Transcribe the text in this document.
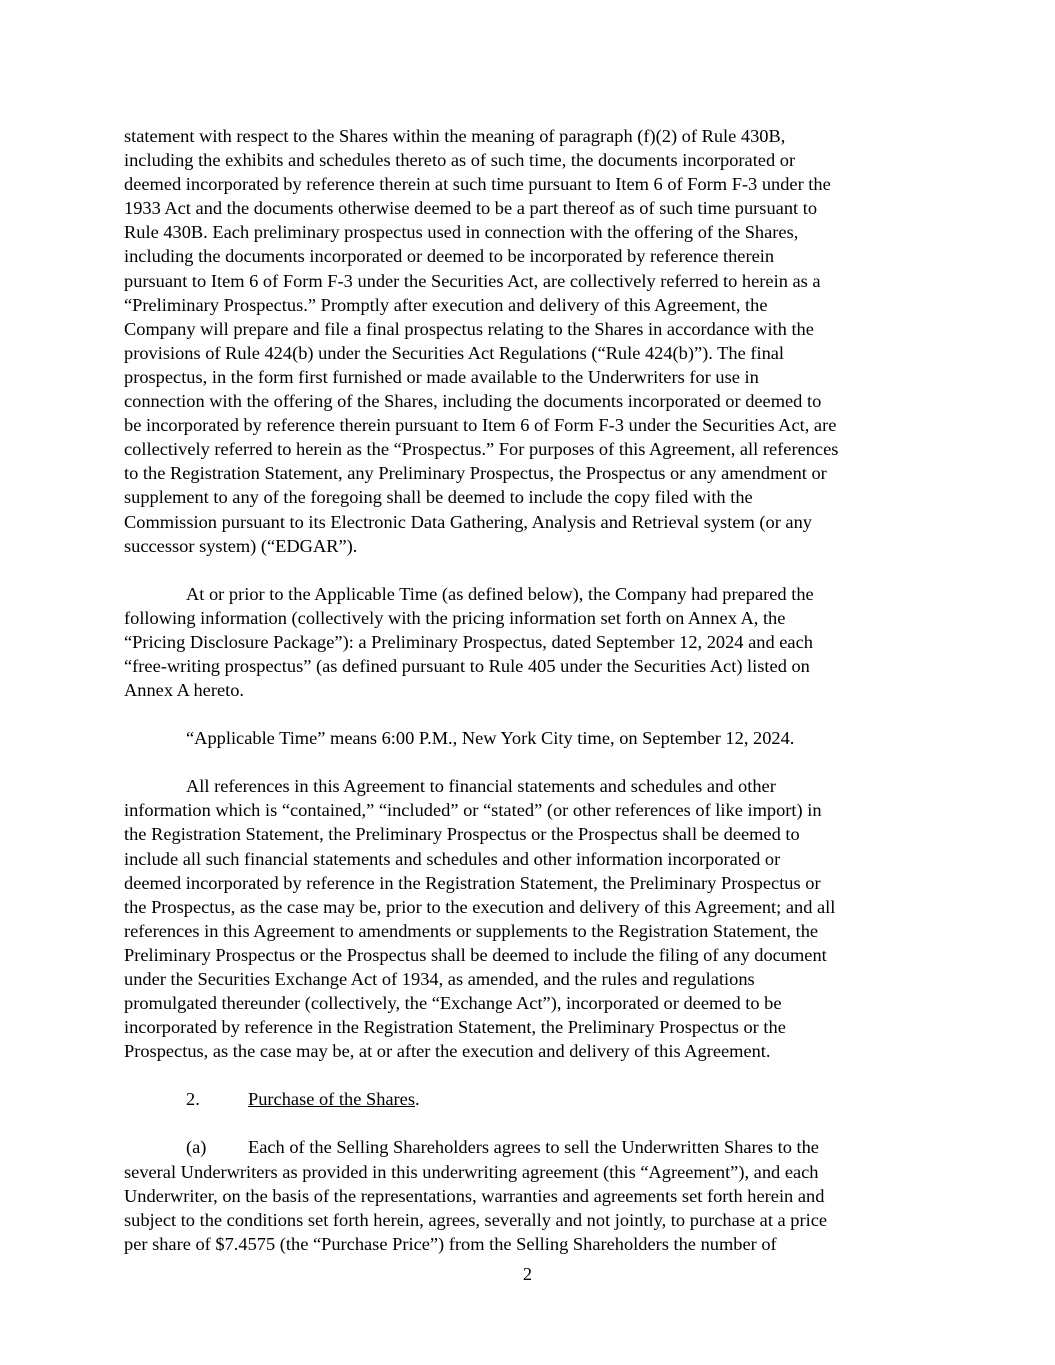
statement with respect to the Shares within the meaning of paragraph (f)(2) of Rule 430B,
including the exhibits and schedules thereto as of such time, the documents incorporated or
deemed incorporated by reference therein at such time pursuant to Item 6 of Form F-3 under the
1933 Act and the documents otherwise deemed to be a part thereof as of such time pursuant to
Rule 430B. Each preliminary prospectus used in connection with the offering of the Shares,
including the documents incorporated or deemed to be incorporated by reference therein
pursuant to Item 6 of Form F-3 under the Securities Act, are collectively referred to herein as a
“Preliminary Prospectus.” Promptly after execution and delivery of this Agreement, the
Company will prepare and file a final prospectus relating to the Shares in accordance with the
provisions of Rule 424(b) under the Securities Act Regulations (“Rule 424(b)”). The final
prospectus, in the form first furnished or made available to the Underwriters for use in
connection with the offering of the Shares, including the documents incorporated or deemed to
be incorporated by reference therein pursuant to Item 6 of Form F-3 under the Securities Act, are
collectively referred to herein as the “Prospectus.” For purposes of this Agreement, all references
to the Registration Statement, any Preliminary Prospectus, the Prospectus or any amendment or
supplement to any of the foregoing shall be deemed to include the copy filed with the
Commission pursuant to its Electronic Data Gathering, Analysis and Retrieval system (or any
successor system) (“EDGAR”).
At or prior to the Applicable Time (as defined below), the Company had prepared the
following information (collectively with the pricing information set forth on Annex A, the
“Pricing Disclosure Package”): a Preliminary Prospectus, dated September 12, 2024 and each
“free-writing prospectus” (as defined pursuant to Rule 405 under the Securities Act) listed on
Annex A hereto.
“Applicable Time” means 6:00 P.M., New York City time, on September 12, 2024.
All references in this Agreement to financial statements and schedules and other
information which is “contained,” “included” or “stated” (or other references of like import) in
the Registration Statement, the Preliminary Prospectus or the Prospectus shall be deemed to
include all such financial statements and schedules and other information incorporated or
deemed incorporated by reference in the Registration Statement, the Preliminary Prospectus or
the Prospectus, as the case may be, prior to the execution and delivery of this Agreement; and all
references in this Agreement to amendments or supplements to the Registration Statement, the
Preliminary Prospectus or the Prospectus shall be deemed to include the filing of any document
under the Securities Exchange Act of 1934, as amended, and the rules and regulations
promulgated thereunder (collectively, the “Exchange Act”), incorporated or deemed to be
incorporated by reference in the Registration Statement, the Preliminary Prospectus or the
Prospectus, as the case may be, at or after the execution and delivery of this Agreement.
2.	Purchase of the Shares.
(a) Each of the Selling Shareholders agrees to sell the Underwritten Shares to the
several Underwriters as provided in this underwriting agreement (this “Agreement”), and each
Underwriter, on the basis of the representations, warranties and agreements set forth herein and
subject to the conditions set forth herein, agrees, severally and not jointly, to purchase at a price
per share of $7.4575 (the “Purchase Price”) from the Selling Shareholders the number of
2
